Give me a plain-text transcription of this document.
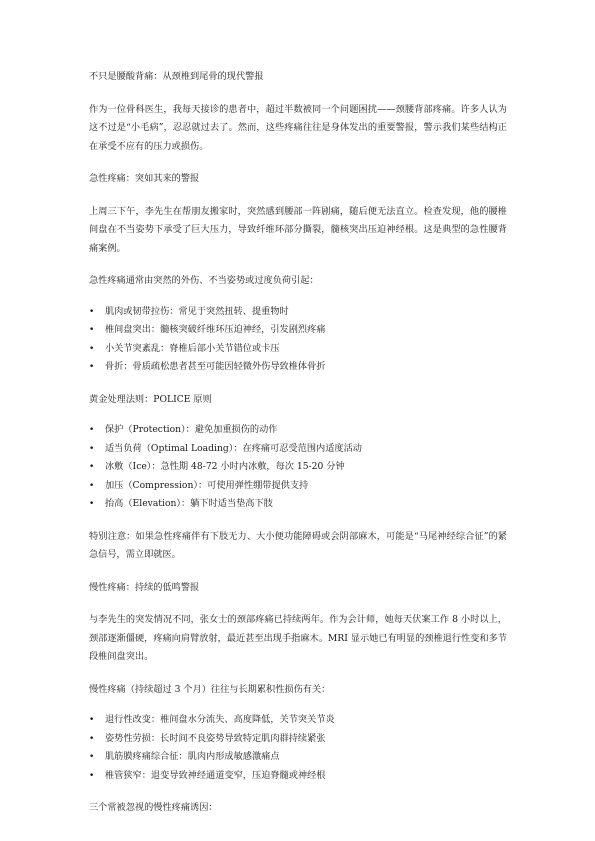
不只是腰酸背痛：从颈椎到尾骨的现代警报

作为一位骨科医生，我每天接诊的患者中，超过半数被同一个问题困扰——颈腰背部疼痛。许多人认为这不过是“小毛病”，忍忍就过去了。然而，这些疼痛往往是身体发出的重要警报，警示我们某些结构正在承受不应有的压力或损伤。

急性疼痛：突如其来的警报

上周三下午，李先生在帮朋友搬家时，突然感到腰部一阵剧痛，随后便无法直立。检查发现，他的腰椎间盘在不当姿势下承受了巨大压力，导致纤维环部分撕裂，髓核突出压迫神经根。这是典型的急性腰背痛案例。

急性疼痛通常由突然的外伤、不当姿势或过度负荷引起：

• 肌肉或韧带拉伤：常见于突然扭转、提重物时
• 椎间盘突出：髓核突破纤维环压迫神经，引发剧烈疼痛
• 小关节突紊乱：脊椎后部小关节错位或卡压
• 骨折：骨质疏松患者甚至可能因轻微外伤导致椎体骨折

黄金处理法则：POLICE 原则

• 保护（Protection）：避免加重损伤的动作
• 适当负荷（Optimal Loading）：在疼痛可忍受范围内适度活动
• 冰敷（Ice）：急性期 48-72 小时内冰敷，每次 15-20 分钟
• 加压（Compression）：可使用弹性绷带提供支持
• 抬高（Elevation）：躺下时适当垫高下肢

特别注意：如果急性疼痛伴有下肢无力、大小便功能障碍或会阴部麻木，可能是“马尾神经综合征”的紧急信号，需立即就医。

慢性疼痛：持续的低鸣警报

与李先生的突发情况不同，张女士的颈部疼痛已持续两年。作为会计师，她每天伏案工作 8 小时以上，颈部逐渐僵硬，疼痛向肩臂放射，最近甚至出现手指麻木。MRI 显示她已有明显的颈椎退行性变和多节段椎间盘突出。

慢性疼痛（持续超过 3 个月）往往与长期累积性损伤有关：

• 退行性改变：椎间盘水分流失、高度降低，关节突关节炎
• 姿势性劳损：长时间不良姿势导致特定肌肉群持续紧张
• 肌筋膜疼痛综合征：肌肉内形成敏感激痛点
• 椎管狭窄：退变导致神经通道变窄，压迫脊髓或神经根

三个常被忽视的慢性疼痛诱因：
